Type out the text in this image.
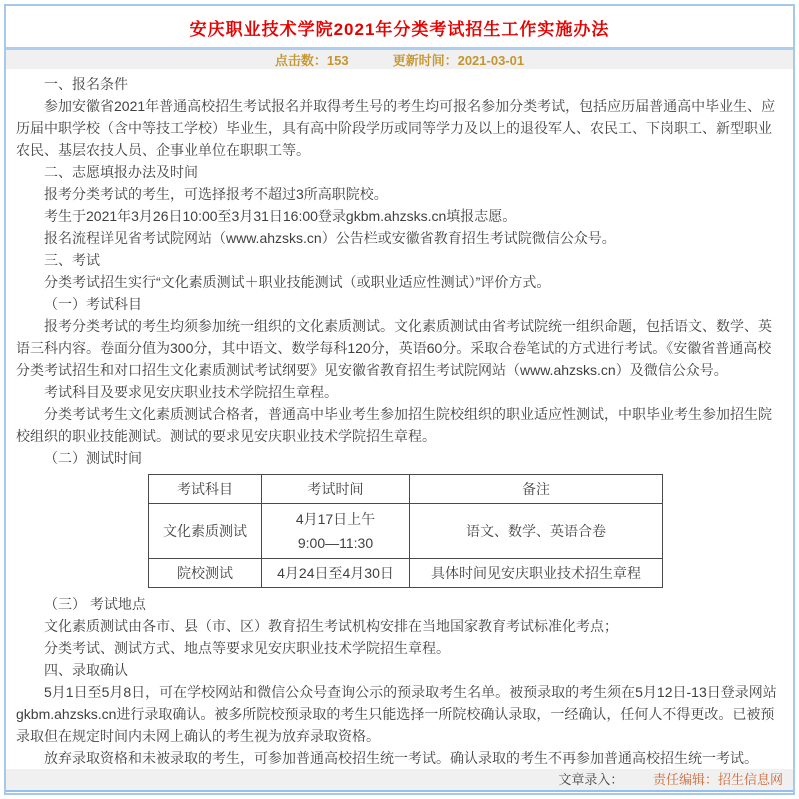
安庆职业技术学院2021年分类考试招生工作实施办法
点击数：153	更新时间：2021-03-01

一、报名条件

参加安徽省2021年普通高校招生考试报名并取得考生号的考生均可报名参加分类考试，包括应历届普通高中毕业生、应历届中职学校（含中等技工学校）毕业生，具有高中阶段学历或同等学力及以上的退役军人、农民工、下岗职工、新型职业农民、基层农技人员、企事业单位在职职工等。

二、志愿填报办法及时间

报考分类考试的考生，可选择报考不超过3所高职院校。

考生于2021年3月26日10:00至3月31日16:00登录gkbm.ahzsks.cn填报志愿。

报名流程详见省考试院网站（www.ahzsks.cn）公告栏或安徽省教育招生考试院微信公众号。

三、考试

分类考试招生实行“文化素质测试＋职业技能测试（或职业适应性测试）”评价方式。

（一）考试科目

报考分类考试的考生均须参加统一组织的文化素质测试。文化素质测试由省考试院统一组织命题，包括语文、数学、英语三科内容。卷面分值为300分，其中语文、数学每科120分，英语60分。采取合卷笔试的方式进行考试。《安徽省普通高校分类考试招生和对口招生文化素质测试考试纲要》见安徽省教育招生考试院网站（www.ahzsks.cn）及微信公众号。

考试科目及要求见安庆职业技术学院招生章程。

分类考试考生文化素质测试合格者，普通高中毕业考生参加招生院校组织的职业适应性测试，中职毕业考生参加招生院校组织的职业技能测试。测试的要求见安庆职业技术学院招生章程。

（二）测试时间

考试科目	考试时间	备注
文化素质测试	4月17日上午
9:00—11:30	语文、数学、英语合卷
院校测试	4月24日至4月30日	具体时间见安庆职业技术招生章程

（三） 考试地点

文化素质测试由各市、县（市、区）教育招生考试机构安排在当地国家教育考试标准化考点；

分类考试、测试方式、地点等要求见安庆职业技术学院招生章程。

四、录取确认

5月1日至5月8日，可在学校网站和微信公众号查询公示的预录取考生名单。被预录取的考生须在5月12日-13日登录网站gkbm.ahzsks.cn进行录取确认。被多所院校预录取的考生只能选择一所院校确认录取，一经确认，任何人不得更改。已被预录取但在规定时间内未网上确认的考生视为放弃录取资格。

放弃录取资格和未被录取的考生，可参加普通高校招生统一考试。确认录取的考生不再参加普通高校招生统一考试。

文章录入： 责任编辑：招生信息网
